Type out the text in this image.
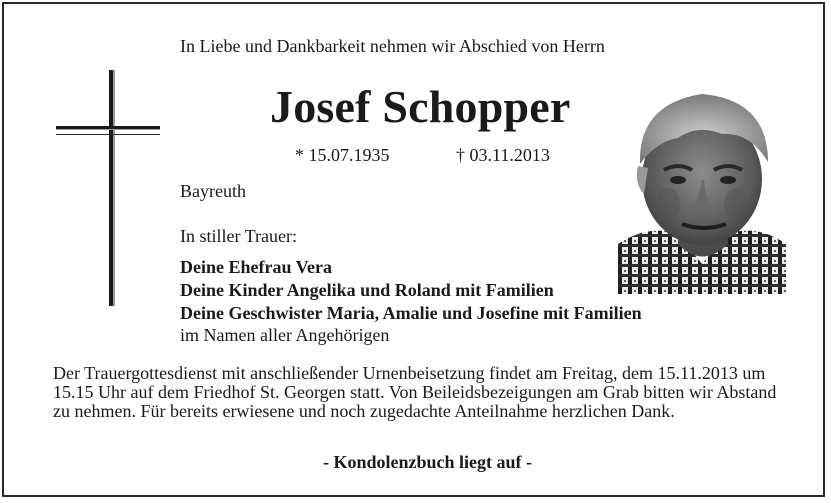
In Liebe und Dankbarkeit nehmen wir Abschied von Herrn
Josef Schopper
* 15.07.1935	† 03.11.2013
Bayreuth
In stiller Trauer:
Deine Ehefrau Vera
Deine Kinder Angelika und Roland mit Familien
Deine Geschwister Maria, Amalie und Josefine mit Familien
im Namen aller Angehörigen
Der Trauergottesdienst mit anschließender Urnenbeisetzung findet am Freitag, dem 15.11.2013 um 15.15 Uhr auf dem Friedhof St. Georgen statt. Von Beileidsbezeigungen am Grab bitten wir Abstand zu nehmen. Für bereits erwiesene und noch zugedachte Anteilnahme herzlichen Dank.
- Kondolenzbuch liegt auf -
